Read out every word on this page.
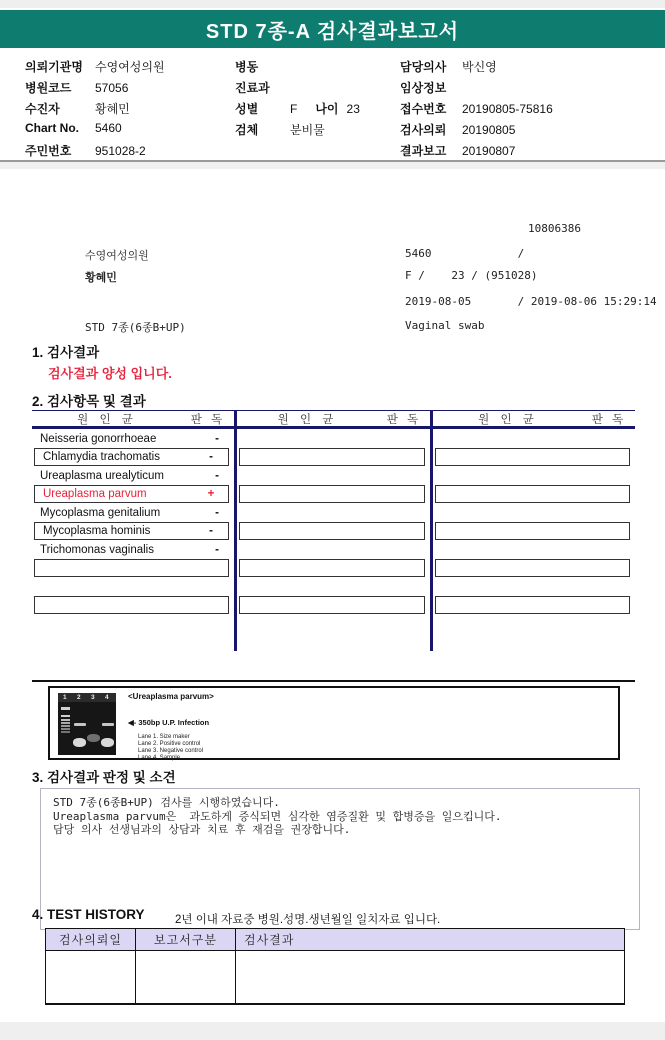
STD 7종-A 검사결과보고서
의뢰기관명 수영여성의원
병원코드 57056
수진자	황혜민
Chart No. 5460
주민번호 951028-2
병동
진료과
성별	F 나이 23
검체	분비물
담당의사 박신영
임상정보
접수번호 20190805-75816
검사의뢰 20190805
결과보고 20190807
10806386
수영여성의원
황혜민
STD 7종(6종B+UP)
5460             /
F /    23 / (951028)
2019-08-05       / 2019-08-06 15:29:14
Vaginal swab
1. 검사결과
검사결과 양성 입니다.
2. 검사항목 및 결과
원 인 균	판 독
Neisseria gonorrhoeae	-
Chlamydia trachomatis	-
Ureaplasma urealyticum	-
Ureaplasma parvum	+
Mycoplasma genitalium	-
Mycoplasma hominis	-
Trichomonas vaginalis	-
원 인 균	판 독	원 인 균	판 독
1 2 3 4 <Ureaplasma parvum>
◀- 350bp U.P. Infection
Lane 1. Size maker
Lane 2. Positive control
Lane 3. Negative control
Lane 4. Sample
3. 검사결과 판정 및 소견
STD 7종(6종B+UP) 검사를 시행하였습니다.
Ureaplasma parvum은  과도하게 증식되면 심각한 염증질환 및 합병증을 일으킵니다.
담당 의사 선생님과의 상담과 치료 후 재검을 권장합니다.
4. TEST HISTORY	2년 이내 자료중 병원.성명.생년월일 일치자료 입니다.
검사의뢰일	보고서구분	검사결과
